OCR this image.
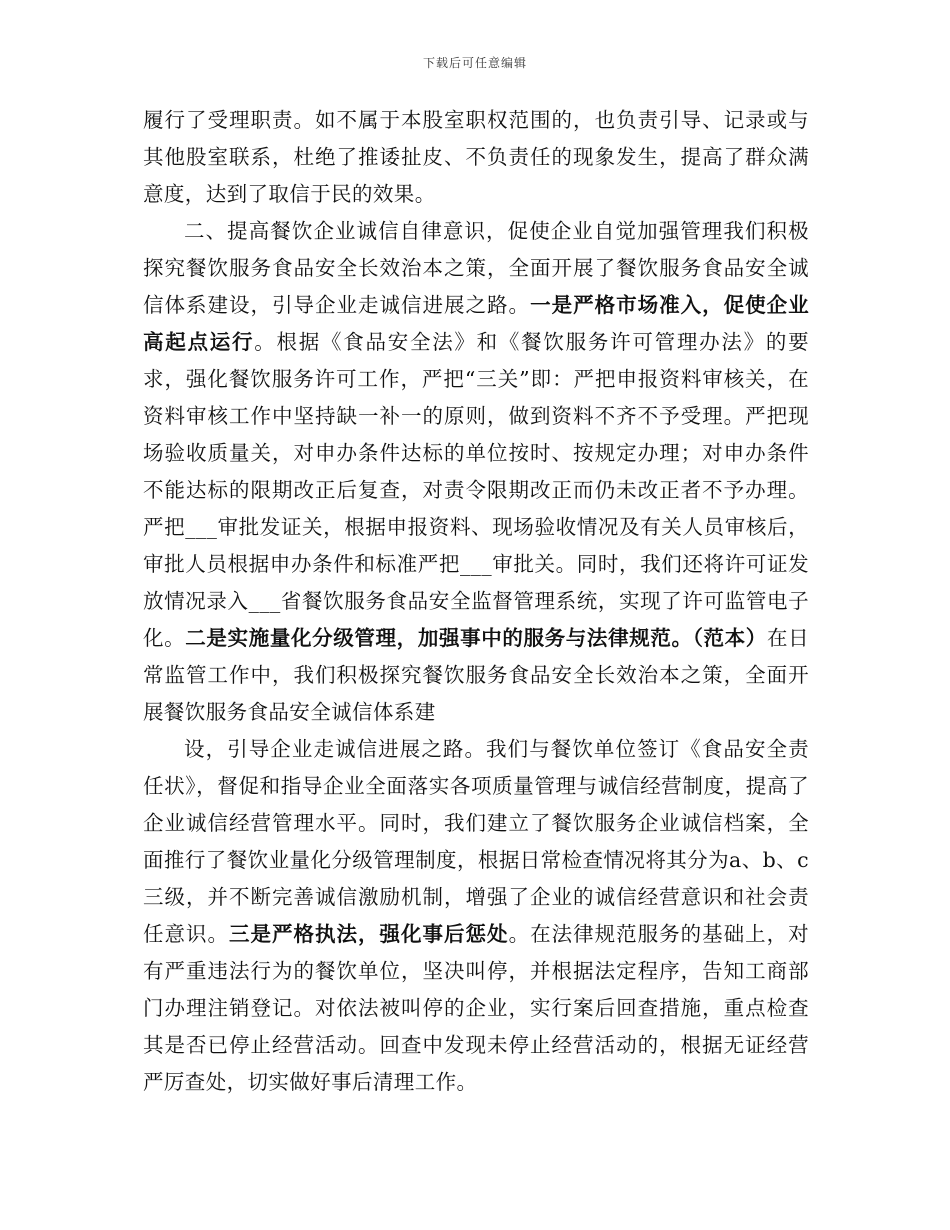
下载后可任意编辑

履行了受理职责。如不属于本股室职权范围的，也负责引导、记录或与其他股室联系，杜绝了推诿扯皮、不负责任的现象发生，提高了群众满意度，达到了取信于民的效果。

二、提高餐饮企业诚信自律意识，促使企业自觉加强管理我们积极探究餐饮服务食品安全长效治本之策，全面开展了餐饮服务食品安全诚信体系建设，引导企业走诚信进展之路。一是严格市场准入，促使企业高起点运行。根据《食品安全法》和《餐饮服务许可管理办法》的要求，强化餐饮服务许可工作，严把“三关”即：严把申报资料审核关，在资料审核工作中坚持缺一补一的原则，做到资料不齐不予受理。严把现场验收质量关，对申办条件达标的单位按时、按规定办理；对申办条件不能达标的限期改正后复查，对责令限期改正而仍未改正者不予办理。严把___审批发证关，根据申报资料、现场验收情况及有关人员审核后，审批人员根据申办条件和标准严把___审批关。同时，我们还将许可证发放情况录入___省餐饮服务食品安全监督管理系统，实现了许可监管电子化。二是实施量化分级管理，加强事中的服务与法律规范。（范本）在日常监管工作中，我们积极探究餐饮服务食品安全长效治本之策，全面开展餐饮服务食品安全诚信体系建

设，引导企业走诚信进展之路。我们与餐饮单位签订《食品安全责任状》，督促和指导企业全面落实各项质量管理与诚信经营制度，提高了企业诚信经营管理水平。同时，我们建立了餐饮服务企业诚信档案，全面推行了餐饮业量化分级管理制度，根据日常检查情况将其分为a、b、c三级，并不断完善诚信激励机制，增强了企业的诚信经营意识和社会责任意识。三是严格执法，强化事后惩处。在法律规范服务的基础上，对有严重违法行为的餐饮单位，坚决叫停，并根据法定程序，告知工商部门办理注销登记。对依法被叫停的企业，实行案后回查措施，重点检查其是否已停止经营活动。回查中发现未停止经营活动的，根据无证经营严厉查处，切实做好事后清理工作。
